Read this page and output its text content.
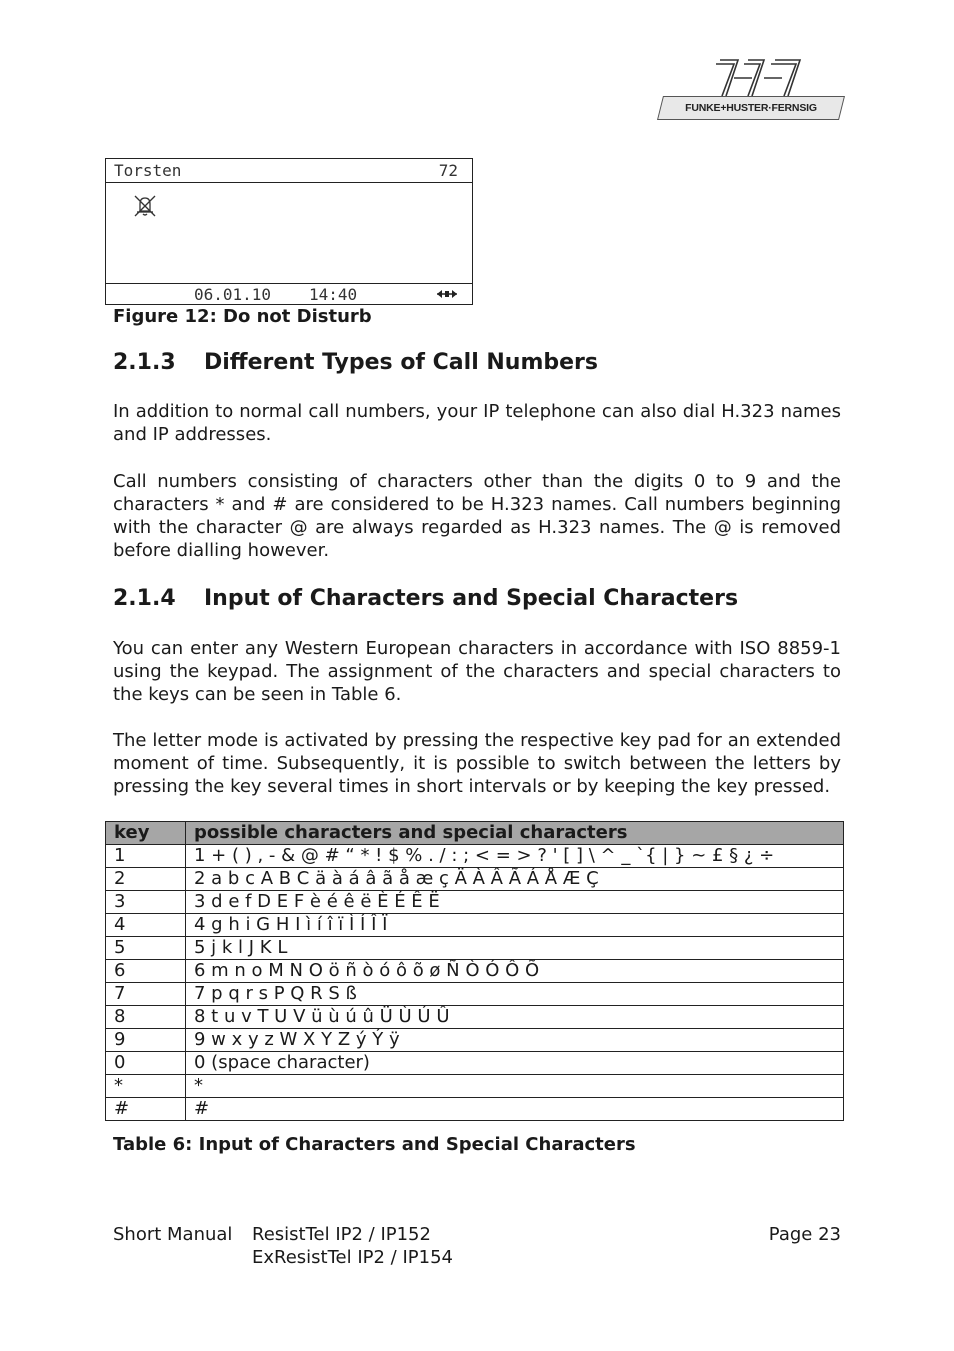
FUNKE+HUSTER·FERNSIG
Torsten	72
06.01.10 14:40
Figure 12: Do not Disturb
2.1.3 Different Types of Call Numbers
In addition to normal call numbers, your IP telephone can also dial H.323 names and IP addresses.
Call numbers consisting of characters other than the digits 0 to 9 and the characters * and # are considered to be H.323 names. Call numbers beginning with the character @ are always regarded as H.323 names. The @ is removed before dialling however.
2.1.4 Input of Characters and Special Characters
You can enter any Western European characters in accordance with ISO 8859-1 using the keypad. The assignment of the characters and special characters to the keys can be seen in Table 6.
The letter mode is activated by pressing the respective key pad for an extended moment of time. Subsequently, it is possible to switch between the letters by pressing the key several times in short intervals or by keeping the key pressed.
key	possible characters and special characters
1	1 + ( ) , - & @ # “ * ! $ % . / : ; < = > ? ' [ ] \ ^ _ `{ | } ~ £ § ¿ ÷
2	2 a b c A B C ä à á â ã å æ ç Ä À Â Ã Á Å Æ Ç
3	3 d e f D E F è é ê ë È É Ê Ë
4	4 g h i G H I ì í î ï Ì Í Î Ï
5	5 j k l J K L
6	6 m n o M N O ö ñ ò ó ô õ ø Ñ Ò Ó Ô Õ
7	7 p q r s P Q R S ß
8	8 t u v T U V ü ù ú û Ü Ù Ú Û
9	9 w x y z W X Y Z ý Ý ÿ
0	0 (space character)
*	*
#	#
Table 6: Input of Characters and Special Characters
Short Manual ResistTel IP2 / IP152
ExResistTel IP2 / IP154
Page 23
